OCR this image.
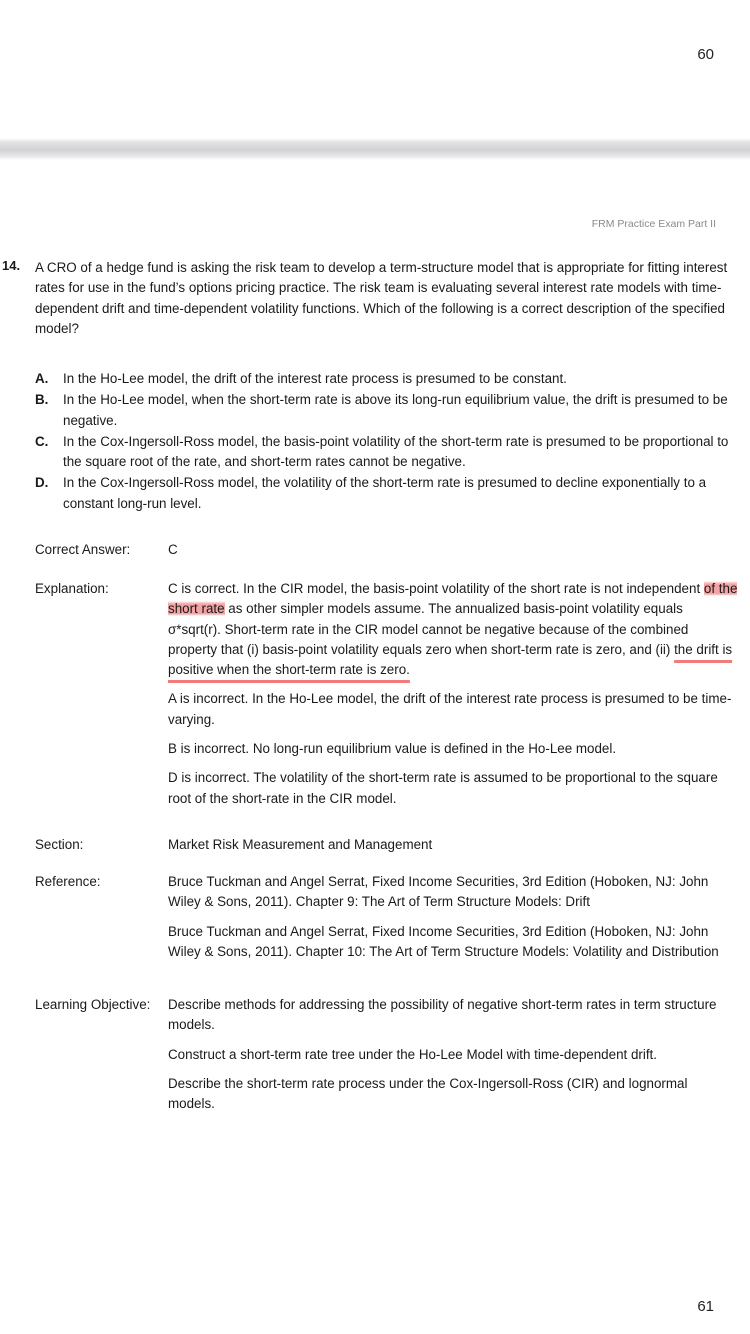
60
FRM Practice Exam Part II
14. A CRO of a hedge fund is asking the risk team to develop a term-structure model that is appropriate for fitting interest rates for use in the fund’s options pricing practice. The risk team is evaluating several interest rate models with time-dependent drift and time-dependent volatility functions. Which of the following is a correct description of the specified model?

A. In the Ho-Lee model, the drift of the interest rate process is presumed to be constant.
B. In the Ho-Lee model, when the short-term rate is above its long-run equilibrium value, the drift is presumed to be negative.
C. In the Cox-Ingersoll-Ross model, the basis-point volatility of the short-term rate is presumed to be proportional to the square root of the rate, and short-term rates cannot be negative.
D. In the Cox-Ingersoll-Ross model, the volatility of the short-term rate is presumed to decline exponentially to a constant long-run level.
Correct Answer:	C
Explanation:	C is correct. In the CIR model, the basis-point volatility of the short rate is not independent of the short rate as other simpler models assume. The annualized basis-point volatility equals σ*sqrt(r). Short-term rate in the CIR model cannot be negative because of the combined property that (i) basis-point volatility equals zero when short-term rate is zero, and (ii) the drift is positive when the short-term rate is zero.

A is incorrect. In the Ho-Lee model, the drift of the interest rate process is presumed to be time-varying.

B is incorrect. No long-run equilibrium value is defined in the Ho-Lee model.

D is incorrect. The volatility of the short-term rate is assumed to be proportional to the square root of the short-rate in the CIR model.

Section:	Market Risk Measurement and Management
Reference:	Bruce Tuckman and Angel Serrat, Fixed Income Securities, 3rd Edition (Hoboken, NJ: John Wiley & Sons, 2011). Chapter 9: The Art of Term Structure Models: Drift

Bruce Tuckman and Angel Serrat, Fixed Income Securities, 3rd Edition (Hoboken, NJ: John Wiley & Sons, 2011). Chapter 10: The Art of Term Structure Models: Volatility and Distribution

Learning Objective:	Describe methods for addressing the possibility of negative short-term rates in term structure models.

Construct a short-term rate tree under the Ho-Lee Model with time-dependent drift.

Describe the short-term rate process under the Cox-Ingersoll-Ross (CIR) and lognormal models.

61
